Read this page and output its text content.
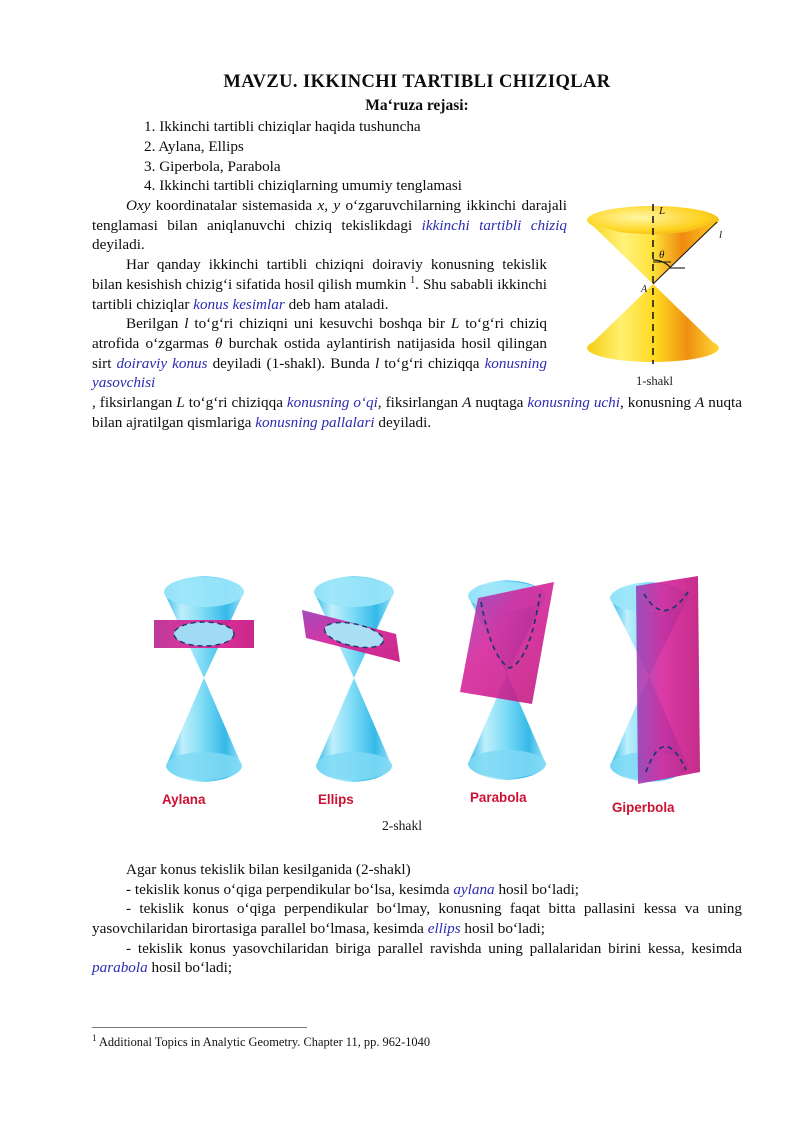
MAVZU. IKKINCHI TARTIBLI CHIZIQLAR
Ma‘ruza rejasi:
1. Ikkinchi tartibli chiziqlar haqida tushuncha
2. Aylana, Ellips
3. Giperbola, Parabola
4. Ikkinchi tartibli chiziqlarning umumiy tenglamasi
L
l
θ
A
1-shakl

Oxy koordinatalar sistemasida x, y o‘zgaruvchilarning ikkinchi darajali tenglamasi bilan aniqlanuvchi chiziq tekislikdagi ikkinchi tartibli chiziq deyiladi.

Har qanday ikkinchi tartibli chiziqni doiraviy konusning tekislik bilan kesishish chizig‘i sifatida hosil qilish mumkin $^1$. Shu sababli ikkinchi tartibli chiziqlar konus kesimlar deb ham ataladi.

Berilgan l to‘g‘ri chiziqni uni kesuvchi boshqa bir L to‘g‘ri chiziq atrofida o‘zgarmas θ burchak ostida aylantirish natijasida hosil qilingan sirt doiraviy konus deyiladi (1-shakl). Bunda l to‘g‘ri chiziqqa konusning yasovchisi

, fiksirlangan L to‘g‘ri chiziqqa konusning o‘qi, fiksirlangan A nuqtaga konusning uchi, konusning A nuqta bilan ajratilgan qismlariga konusning pallalari deyiladi.

Aylana	Ellips	Parabola
Giperbola
2-shakl

Agar konus tekislik bilan kesilganida (2-shakl)

- tekislik konus o‘qiga perpendikular bo‘lsa, kesimda aylana hosil bo‘ladi;

- tekislik konus o‘qiga perpendikular bo‘lmay, konusning faqat bitta pallasini kessa va uning yasovchilaridan birortasiga parallel bo‘lmasa, kesimda ellips hosil bo‘ladi;

- tekislik konus yasovchilaridan biriga parallel ravishda uning pallalaridan birini kessa, kesimda parabola hosil bo‘ladi;

$^1$ Additional Topics in Analytic Geometry. Chapter 11, pp. 962-1040
